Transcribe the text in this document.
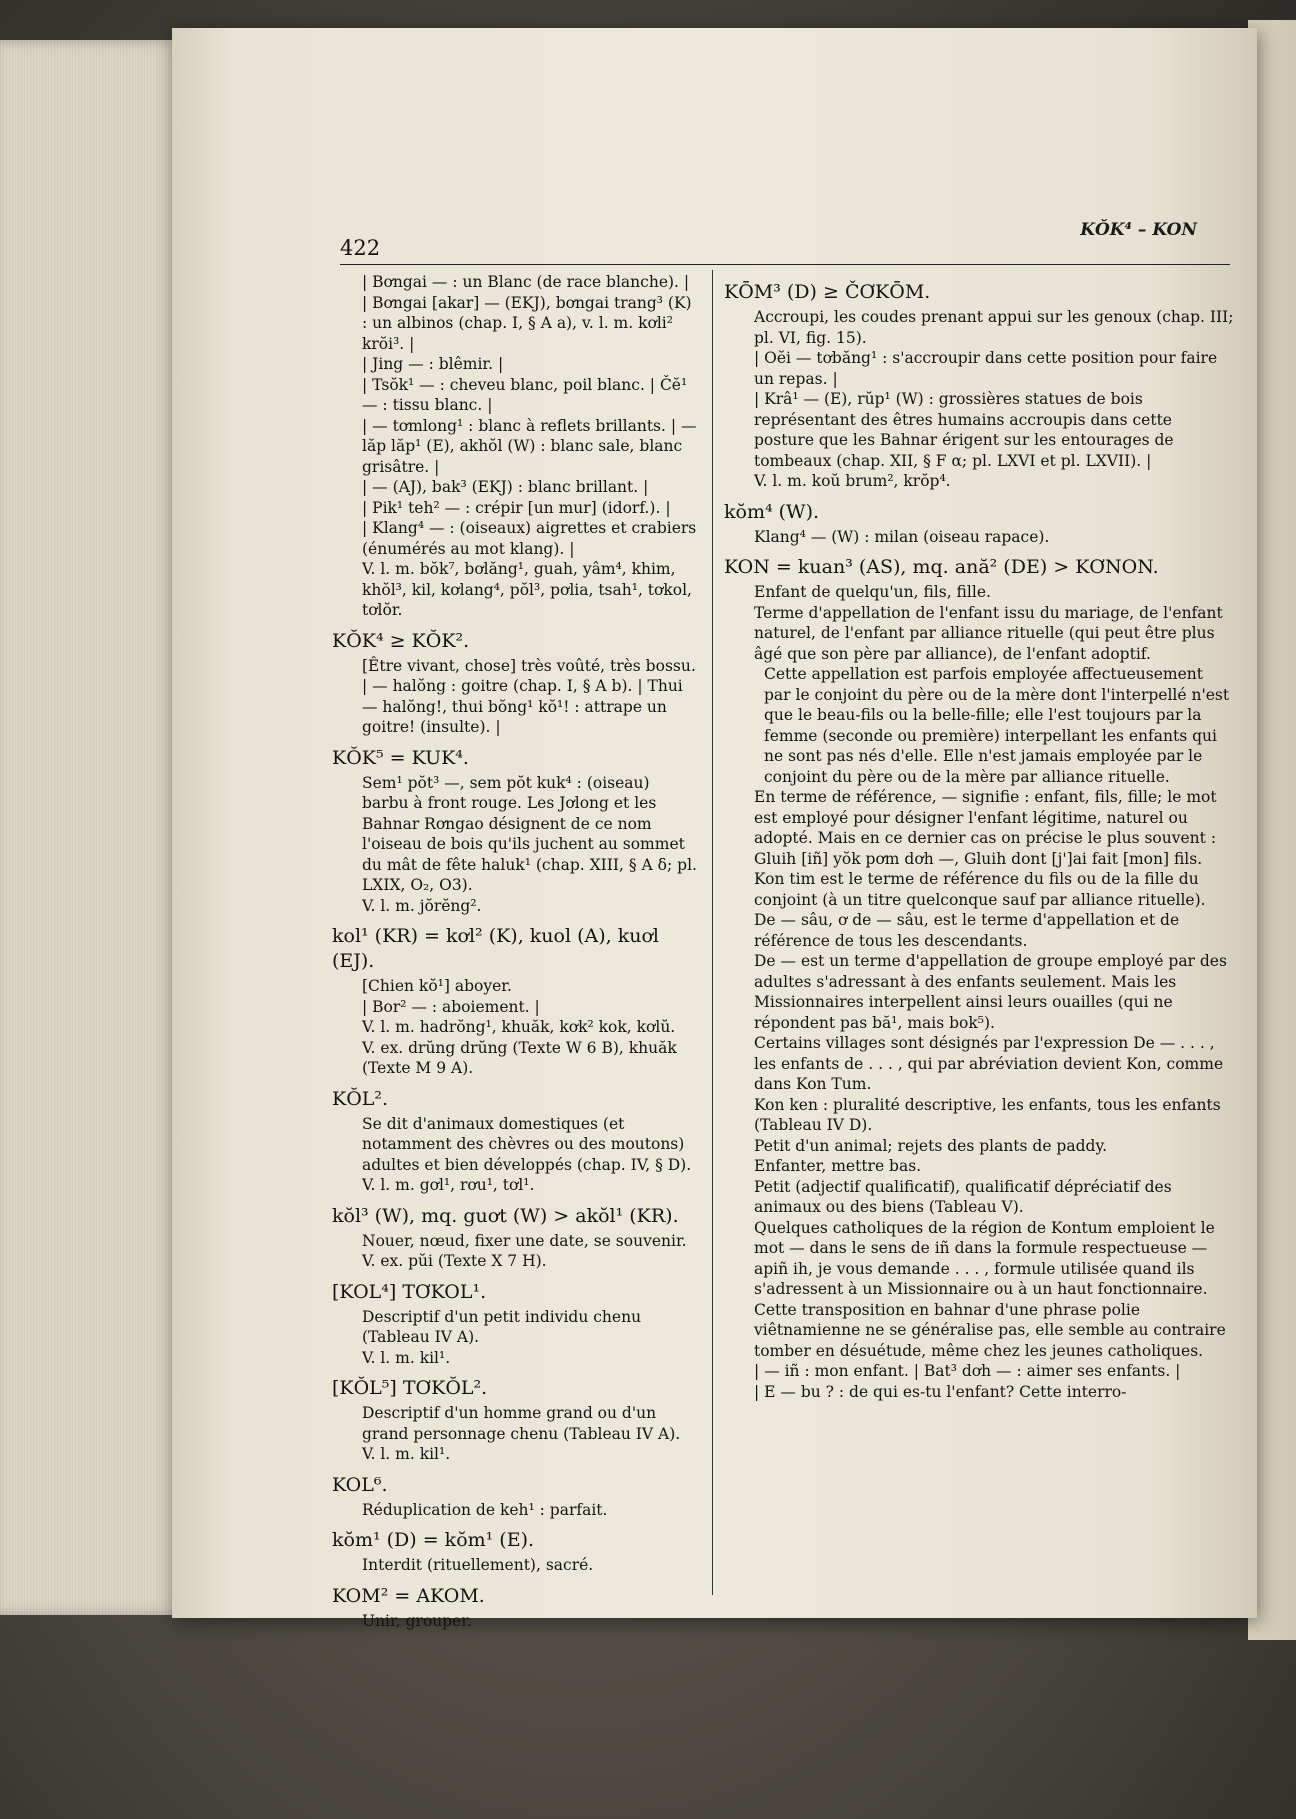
KŎK⁴ – KON
422
| Bơngai — : un Blanc (de race blanche). |
| Bơngai [akar] — (EKJ), bơngai trang³ (K) : un albinos (chap. I, § A a), v. l. m. kơli² krŏi³. |
| Jing — : blêmir. |
| Tsŏk¹ — : cheveu blanc, poil blanc. | Čĕ¹ — : tissu blanc. |
| — tơmlong¹ : blanc à reflets brillants. | — lăp lăp¹ (E), akhŏl (W) : blanc sale, blanc grisâtre. |
| — (AJ), bak³ (EKJ) : blanc brillant. |
| Pik¹ teh² — : crépir [un mur] (idorf.). |
| Klang⁴ — : (oiseaux) aigrettes et crabiers (énumérés au mot klang). |
V. l. m. bŏk⁷, bơlăng¹, guah, yâm⁴, khim, khŏl³, kil, kơlang⁴, pŏl³, pơlia, tsah¹, tơkol, tơlŏr.
KŎK⁴ ≥ KŎK².
[Être vivant, chose] très voûté, très bossu.
| — halŏng : goitre (chap. I, § A b). | Thui — halŏng!, thui bŏng¹ kŏ¹! : attrape un goitre! (insulte). |
KŎK⁵ = KUK⁴.
Sem¹ pŏt³ —, sem pŏt kuk⁴ : (oiseau) barbu à front rouge. Les Jơlong et les Bahnar Rơngao désignent de ce nom l'oiseau de bois qu'ils juchent au sommet du mât de fête haluk¹ (chap. XIII, § A δ; pl. LXIX, O₂, O3).
V. l. m. jŏrĕng².
kol¹ (KR) = kơl² (K), kuol (A), kuơl (EJ).
[Chien kŏ¹] aboyer.
| Bor² — : aboiement. |
V. l. m. hadrŏng¹, khuăk, kơk² kok, kơlŭ.
V. ex. drŭng drŭng (Texte W 6 B), khuăk (Texte M 9 A).
KŎL².
Se dit d'animaux domestiques (et notamment des chèvres ou des moutons) adultes et bien développés (chap. IV, § D).
V. l. m. gơl¹, rơu¹, tơl¹.
kŏl³ (W), mq. guơt (W) > akŏl¹ (KR).
Nouer, nœud, fixer une date, se souvenir.
V. ex. pŭi (Texte X 7 H).
[KOL⁴] TƠKOL¹.
Descriptif d'un petit individu chenu (Tableau IV A).
V. l. m. kil¹.
[KŎL⁵] TƠKŎL².
Descriptif d'un homme grand ou d'un grand personnage chenu (Tableau IV A).
V. l. m. kil¹.
KOL⁶.
Réduplication de keh¹ : parfait.
kŏm¹ (D) = kŏm¹ (E).
Interdit (rituellement), sacré.
KOM² = AKOM.
Unir, grouper.
KŌM³ (D) ≥ ČƠKŌM.
Accroupi, les coudes prenant appui sur les genoux (chap. III; pl. VI, fig. 15).
| Oĕi — tơbăng¹ : s'accroupir dans cette position pour faire un repas. |
| Krâ¹ — (E), rŭp¹ (W) : grossières statues de bois représentant des êtres humains accroupis dans cette posture que les Bahnar érigent sur les entourages de tombeaux (chap. XII, § F α; pl. LXVI et pl. LXVII). |
V. l. m. koŭ brum², krŏp⁴.
kŏm⁴ (W).
Klang⁴ — (W) : milan (oiseau rapace).
KON = kuan³ (AS), mq. ană² (DE) > KƠNON.
Enfant de quelqu'un, fils, fille.
Terme d'appellation de l'enfant issu du mariage, de l'enfant naturel, de l'enfant par alliance rituelle (qui peut être plus âgé que son père par alliance), de l'enfant adoptif.
Cette appellation est parfois employée affectueusement par le conjoint du père ou de la mère dont l'interpellé n'est que le beau-fils ou la belle-fille; elle l'est toujours par la femme (seconde ou première) interpellant les enfants qui ne sont pas nés d'elle. Elle n'est jamais employée par le conjoint du père ou de la mère par alliance rituelle.
En terme de référence, — signifie : enfant, fils, fille; le mot est employé pour désigner l'enfant légitime, naturel ou adopté. Mais en ce dernier cas on précise le plus souvent : Gluih [iñ] yŏk pơm dơh —, Gluih dont [j']ai fait [mon] fils.
Kon tim est le terme de référence du fils ou de la fille du conjoint (à un titre quelconque sauf par alliance rituelle).
De — sâu, ơ de — sâu, est le terme d'appellation et de référence de tous les descendants.
De — est un terme d'appellation de groupe employé par des adultes s'adressant à des enfants seulement. Mais les Missionnaires interpellent ainsi leurs ouailles (qui ne répondent pas bă¹, mais bok⁵).
Certains villages sont désignés par l'expression De — . . . , les enfants de . . . , qui par abréviation devient Kon, comme dans Kon Tum.
Kon ken : pluralité descriptive, les enfants, tous les enfants (Tableau IV D).
Petit d'un animal; rejets des plants de paddy.
Enfanter, mettre bas.
Petit (adjectif qualificatif), qualificatif dépréciatif des animaux ou des biens (Tableau V).
Quelques catholiques de la région de Kontum emploient le mot — dans le sens de iñ dans la formule respectueuse — apiñ ih, je vous demande . . . , formule utilisée quand ils s'adressent à un Missionnaire ou à un haut fonctionnaire. Cette transposition en bahnar d'une phrase polie viêtnamienne ne se généralise pas, elle semble au contraire tomber en désuétude, même chez les jeunes catholiques.
| — iñ : mon enfant. | Bat³ dơh — : aimer ses enfants. |
| E — bu ? : de qui es-tu l'enfant? Cette interro-
